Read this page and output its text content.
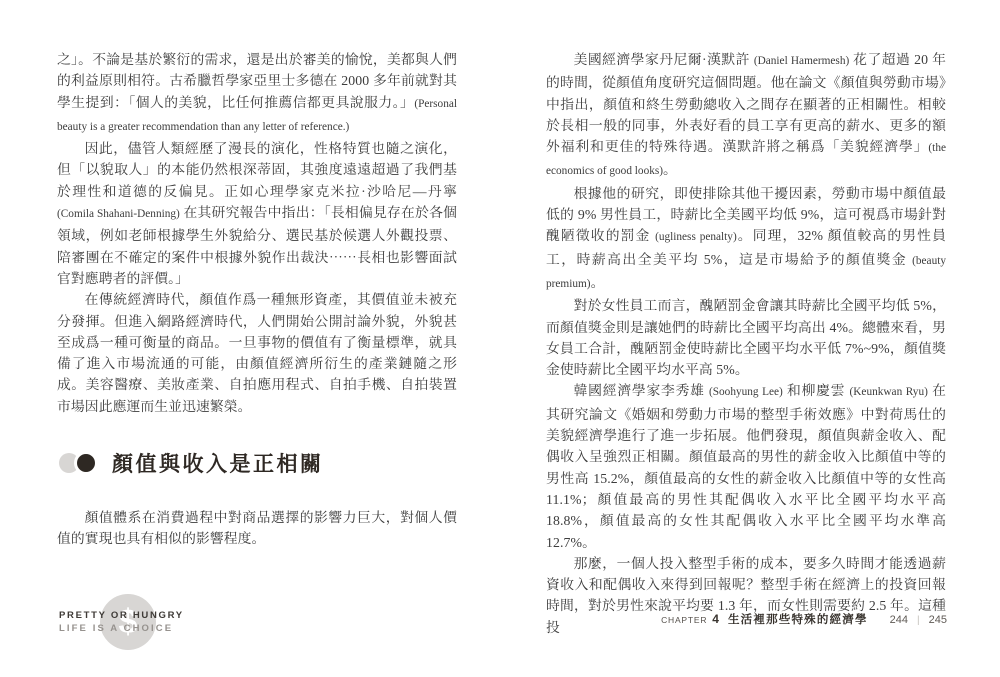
之」。不論是基於繁衍的需求，還是出於審美的愉悅，美都與人們的利益原則相符。古希臘哲學家亞里士多德在 2000 多年前就對其學生提到：「個人的美貌，比任何推薦信都更具說服力。」(Personal beauty is a greater recommendation than any letter of reference.)

因此，儘管人類經歷了漫長的演化，性格特質也隨之演化，但「以貌取人」的本能仍然根深蒂固，其強度遠遠超過了我們基於理性和道德的反偏見。正如心理學家克米拉·沙哈尼—丹寧 (Comila Shahani-Denning) 在其研究報告中指出：「長相偏見存在於各個領域，例如老師根據學生外貌給分、選民基於候選人外觀投票、陪審團在不確定的案件中根據外貌作出裁決⋯⋯長相也影響面試官對應聘者的評價。」

在傳統經濟時代，顏值作爲一種無形資產，其價值並未被充分發揮。但進入網路經濟時代，人們開始公開討論外貌，外貌甚至成爲一種可衡量的商品。一旦事物的價值有了衡量標準，就具備了進入市場流通的可能，由顏值經濟所衍生的產業鏈隨之形成。美容醫療、美妝產業、自拍應用程式、自拍手機、自拍裝置市場因此應運而生並迅速繁榮。

顏值與收入是正相關

顏值體系在消費過程中對商品選擇的影響力巨大，對個人價值的實現也具有相似的影響程度。

$
PRETTY OR HUNGRY
LIFE IS A CHOICE

美國經濟學家丹尼爾·漢默許 (Daniel Hamermesh) 花了超過 20 年的時間，從顏值角度研究這個問題。他在論文《顏值與勞動市場》中指出，顏值和終生勞動總收入之間存在顯著的正相關性。相較於長相一般的同事，外表好看的員工享有更高的薪水、更多的額外福利和更佳的特殊待遇。漢默許將之稱爲「美貌經濟學」(the economics of good looks)。

根據他的研究，即使排除其他干擾因素，勞動市場中顏值最低的 9% 男性員工，時薪比全美國平均低 9%，這可視爲市場針對醜陋徵收的罰金 (ugliness penalty)。同理，32% 顏值較高的男性員工，時薪高出全美平均 5%，這是市場給予的顏值獎金 (beauty premium)。

對於女性員工而言，醜陋罰金會讓其時薪比全國平均低 5%，而顏值獎金則是讓她們的時薪比全國平均高出 4%。總體來看，男女員工合計，醜陋罰金使時薪比全國平均水平低 7%~9%，顏值獎金使時薪比全國平均水平高 5%。

韓國經濟學家李秀雄 (Soohyung Lee) 和柳慶雲 (Keunkwan Ryu) 在其研究論文《婚姻和勞動力市場的整型手術效應》中對荷馬仕的美貌經濟學進行了進一步拓展。他們發現，顏值與薪金收入、配偶收入呈強烈正相關。顏值最高的男性的薪金收入比顏值中等的男性高 15.2%，顏值最高的女性的薪金收入比顏值中等的女性高 11.1%；顏值最高的男性其配偶收入水平比全國平均水平高 18.8%，顏值最高的女性其配偶收入水平比全國平均水準高 12.7%。

那麼，一個人投入整型手術的成本，要多久時間才能透過薪資收入和配偶收入來得到回報呢？整型手術在經濟上的投資回報時間，對於男性來說平均要 1.3 年，而女性則需要約 2.5 年。這種投	CHAPTER 4 生活裡那些特殊的經濟學 244 | 245
